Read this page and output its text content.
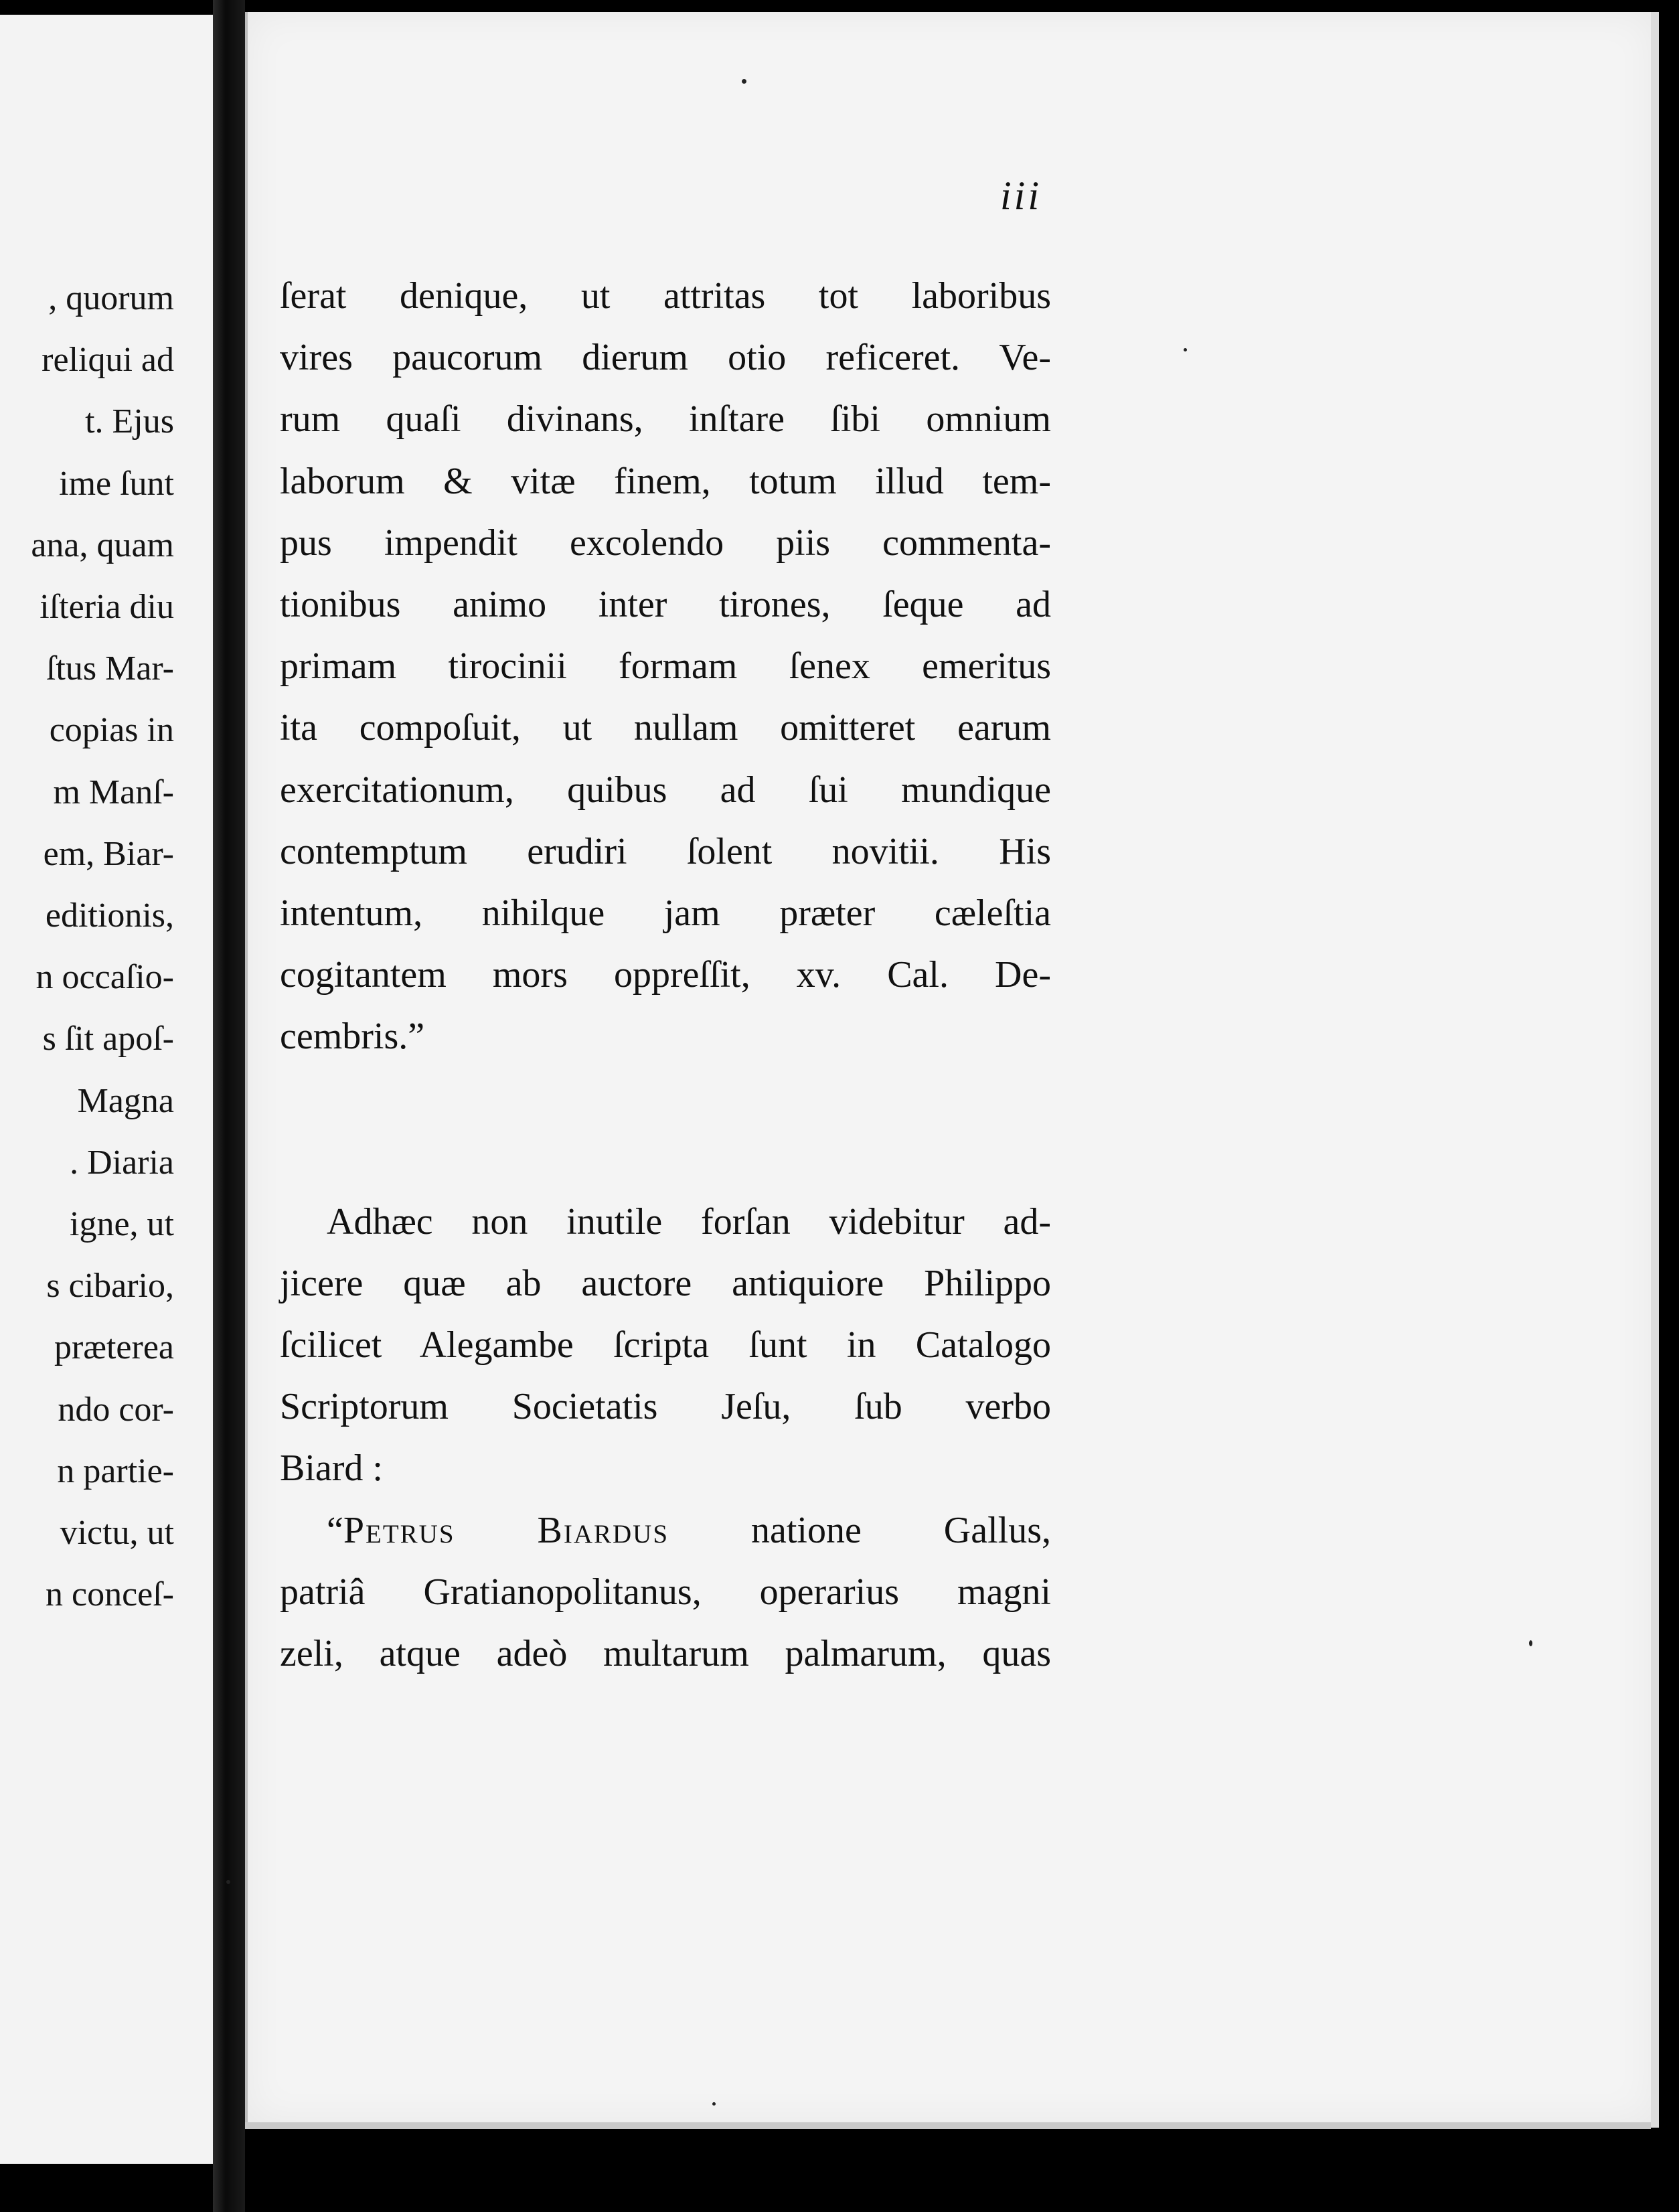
, quorum
reliqui ad
t. Ejus
ime ſunt
ana, quam
iſteria diu
ſtus Mar-
copias in
m Manſ-
em, Biar-
editionis,
n occaſio-
s ſit apoſ-
Magna
. Diaria
igne, ut
s cibario,
præterea
ndo cor-
n partie-
victu, ut
n conceſ-
iii
ſerat denique, ut attritas tot laboribus
vires paucorum dierum otio reficeret. Ve-
rum quaſi divinans, inſtare ſibi omnium
laborum & vitæ finem, totum illud tem-
pus impendit excolendo piis commenta-
tionibus animo inter tirones, ſeque ad
primam tirocinii formam ſenex emeritus
ita compoſuit, ut nullam omitteret earum
exercitationum, quibus ad ſui mundique
contemptum erudiri ſolent novitii. His
intentum, nihilque jam præter cæleſtia
cogitantem mors oppreſſit, xv. Cal. De-
cembris.”
Adhæc non inutile forſan videbitur ad-
jicere quæ ab auctore antiquiore Philippo
ſcilicet Alegambe ſcripta ſunt in Catalogo
Scriptorum Societatis Jeſu, ſub verbo
Biard :
“Petrus Biardus natione Gallus,
patriâ Gratianopolitanus, operarius magni
zeli, atque adeò multarum palmarum, quas
